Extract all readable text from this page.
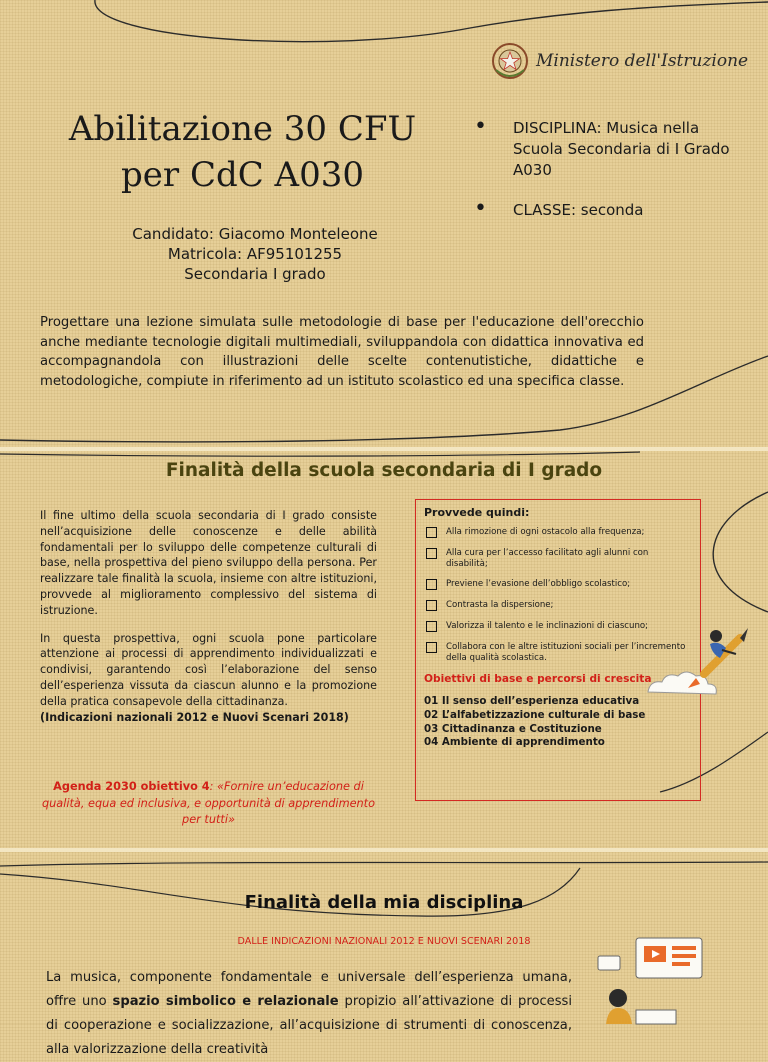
Ministero dell'Istruzione
Abilitazione 30 CFU
per CdC A030
Candidato: Giacomo Monteleone
Matricola: AF95101255
Secondaria I grado
• DISCIPLINA: Musica nella Scuola Secondaria di I Grado A030
• CLASSE: seconda

Progettare una lezione simulata sulle metodologie di base per l'educazione dell'orecchio anche mediante tecnologie digitali multimediali, sviluppandola con didattica innovativa ed accompagnandola con illustrazioni delle scelte contenutistiche, didattiche e metodologiche, compiute in riferimento ad un istituto scolastico ed una specifica classe.

Finalità della scuola secondaria di I grado

Il fine ultimo della scuola secondaria di I grado consiste nell’acquisizione delle conoscenze e delle abilità fondamentali per lo sviluppo delle competenze culturali di base, nella prospettiva del pieno sviluppo della persona. Per realizzare tale finalità la scuola, insieme con altre istituzioni, provvede al miglioramento complessivo del sistema di istruzione.

In questa prospettiva, ogni scuola pone particolare attenzione ai processi di apprendimento individualizzati e condivisi, garantendo così l’elaborazione del senso dell’esperienza vissuta da ciascun alunno e la promozione della pratica consapevole della cittadinanza.

(Indicazioni nazionali 2012 e Nuovi Scenari 2018)
Agenda 2030 obiettivo 4: «Fornire un’educazione di qualità, equa ed inclusiva, e opportunità di apprendimento per tutti»
Provvede quindi:
Alla rimozione di ogni ostacolo alla frequenza;
Alla cura per l’accesso facilitato agli alunni con disabilità;
Previene l’evasione dell’obbligo scolastico;
Contrasta la dispersione;
Valorizza il talento e le inclinazioni di ciascuno;
Collabora con le altre istituzioni sociali per l’incremento della qualità scolastica.
Obiettivi di base e percorsi di crescita
01 Il senso dell’esperienza educativa
02 L’alfabetizzazione culturale di base
03 Cittadinanza e Costituzione
04 Ambiente di apprendimento
Finalità della mia disciplina
DALLE INDICAZIONI NAZIONALI 2012 E NUOVI SCENARI 2018

La musica, componente fondamentale e universale dell’esperienza umana, offre uno spazio simbolico e relazionale propizio all’attivazione di processi di cooperazione e socializzazione, all’acquisizione di strumenti di conoscenza, alla valorizzazione della creatività
